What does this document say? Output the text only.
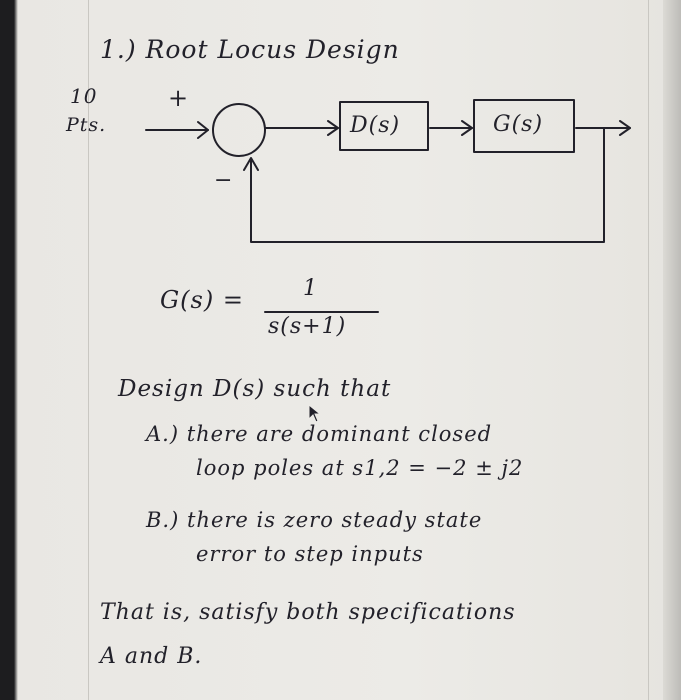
1.) Root Locus Design
10
Pts.
+
−
D(s)	G(s)
G(s) =	1
s(s+1)
Design D(s) such that
A.) there are dominant closed
loop poles at s1,2 = −2 ± j2
B.) there is zero steady state
error to step inputs
That is, satisfy both specifications
A and B.
